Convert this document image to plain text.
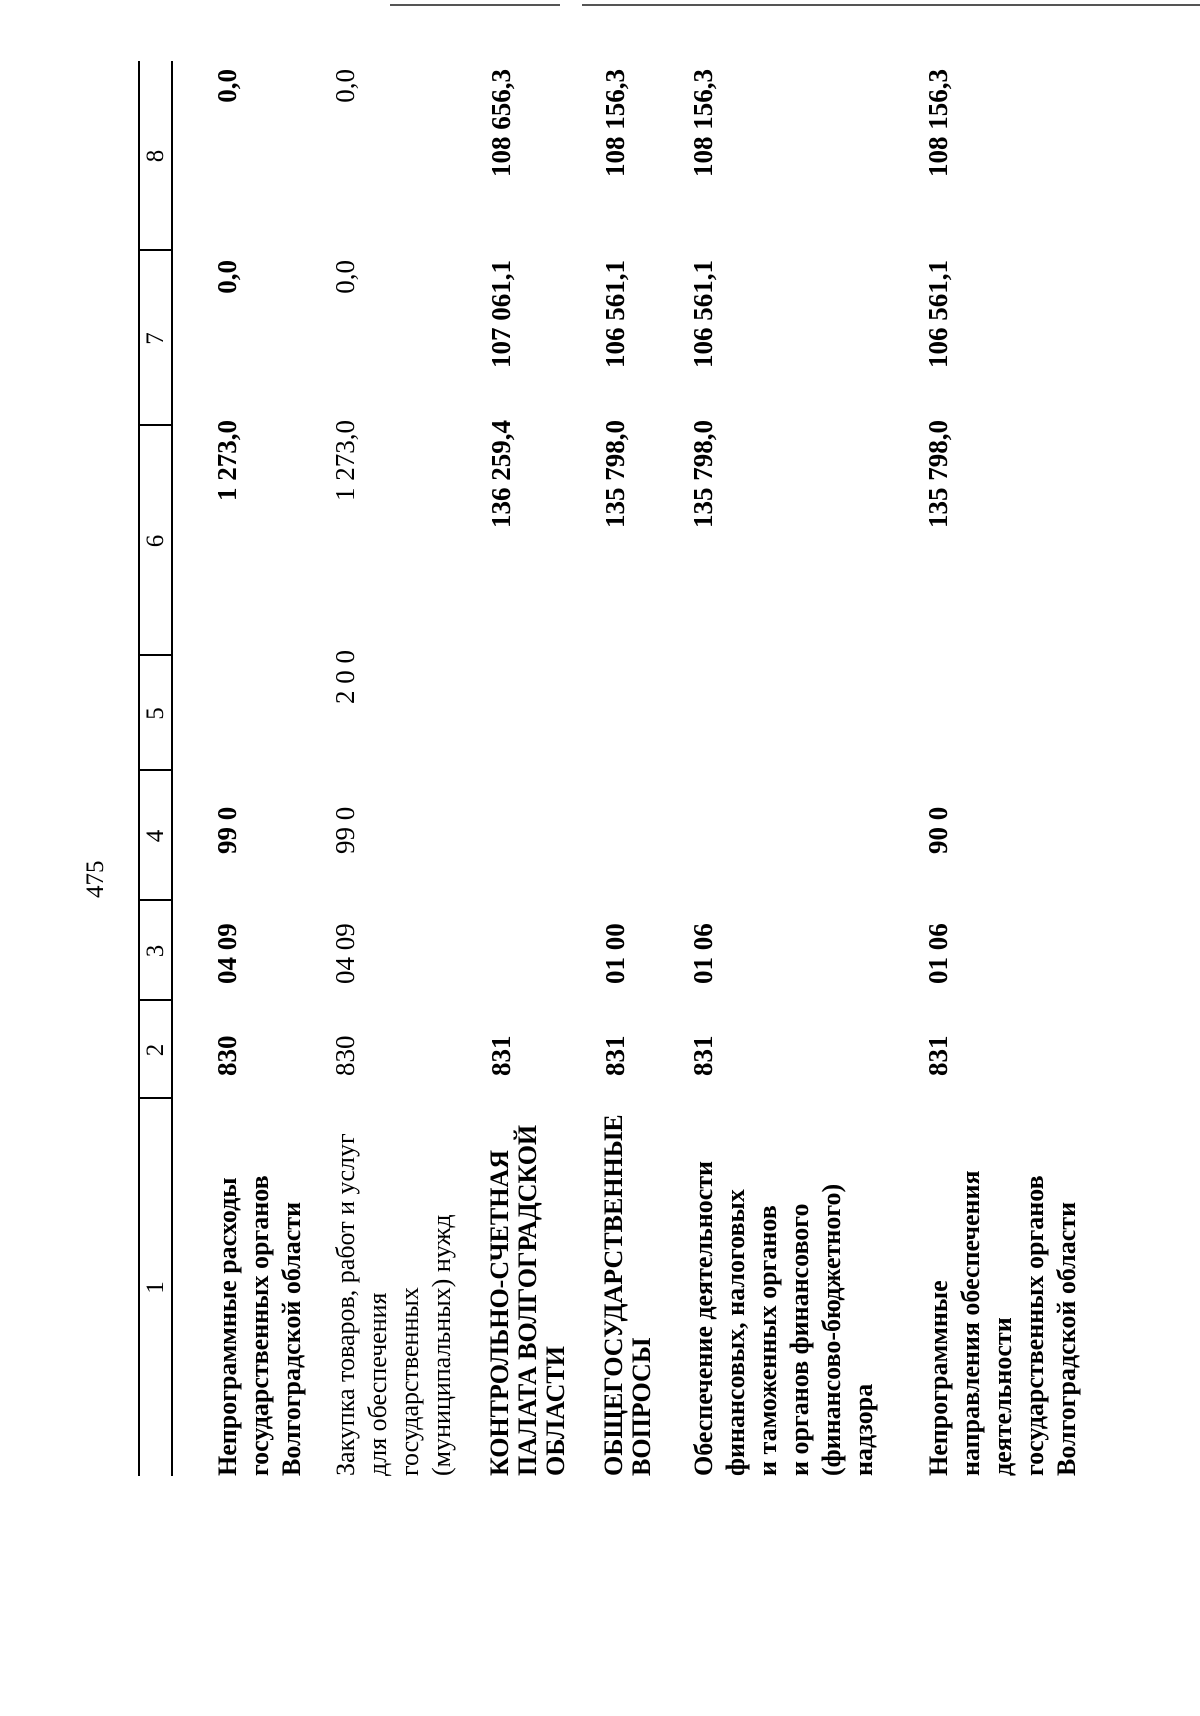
475
1
2
3
4
5
6
7
8
Непрограммные расходы государственных органов Волгоградской области
830
04 09
99 0
1 273,0
0,0
0,0
Закупка товаров, работ и услуг для обеспечения государственных (муниципальных) нужд
830
04 09
99 0
2 0 0
1 273,0
0,0
0,0
КОНТРОЛЬНО-СЧЕТНАЯ ПАЛАТА ВОЛГОГРАДСКОЙ ОБЛАСТИ
831
136 259,4
107 061,1
108 656,3
ОБЩЕГОСУДАРСТВЕННЫЕ ВОПРОСЫ
831
01 00
135 798,0
106 561,1
108 156,3
Обеспечение деятельности финансовых, налоговых и таможенных органов и органов финансового (финансово-бюджетного) надзора
831
01 06
135 798,0
106 561,1
108 156,3
Непрограммные направления обеспечения деятельности государственных органов Волгоградской области
831
01 06
90 0
135 798,0
106 561,1
108 156,3
